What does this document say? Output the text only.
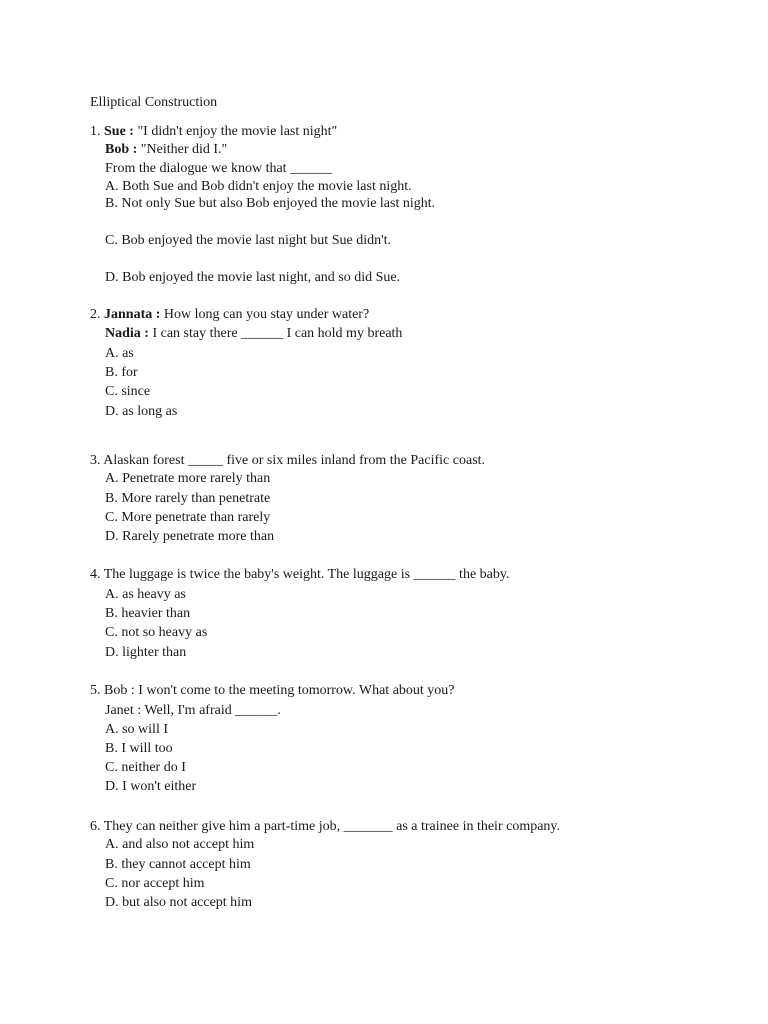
Elliptical Construction
1. Sue : "I didn't enjoy the movie last night"
Bob : "Neither did I."
From the dialogue we know that ______
A. Both Sue and Bob didn't enjoy the movie last night.
B. Not only Sue but also Bob enjoyed the movie last night.
C. Bob enjoyed the movie last night but Sue didn't.
D. Bob enjoyed the movie last night, and so did Sue.
2. Jannata : How long can you stay under water?
Nadia : I can stay there ______ I can hold my breath
A. as
B. for
C. since
D. as long as
3. Alaskan forest _____ five or six miles inland from the Pacific coast.
A. Penetrate more rarely than
B. More rarely than penetrate
C. More penetrate than rarely
D. Rarely penetrate more than
4. The luggage is twice the baby's weight. The luggage is ______ the baby.
A. as heavy as
B. heavier than
C. not so heavy as
D. lighter than
5. Bob : I won't come to the meeting tomorrow. What about you?
Janet : Well, I'm afraid ______.
A. so will I
B. I will too
C. neither do I
D. I won't either
6. They can neither give him a part-time job, _______ as a trainee in their company.
A. and also not accept him
B. they cannot accept him
C. nor accept him
D. but also not accept him
